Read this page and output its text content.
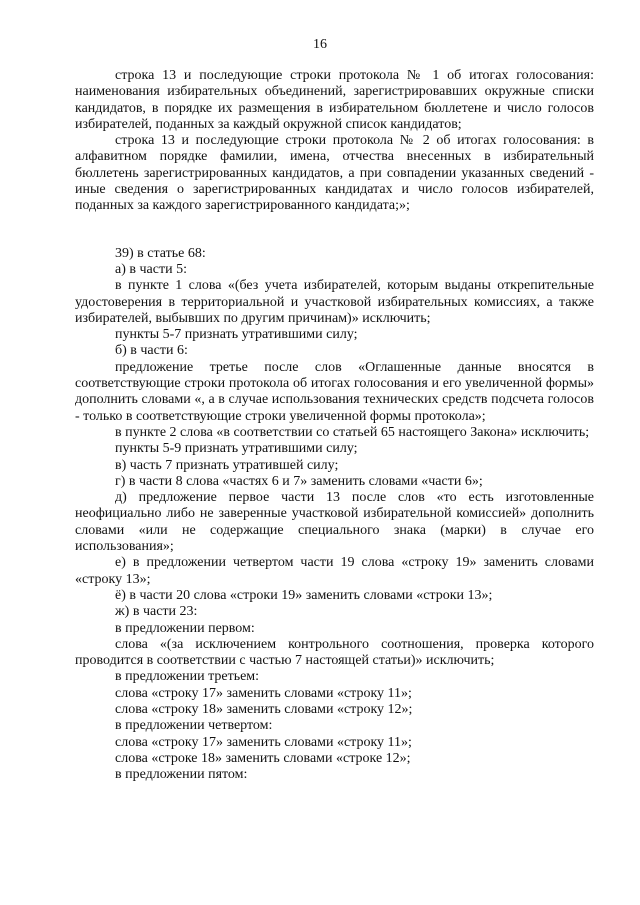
16

строка 13 и последующие строки протокола № 1 об итогах голосования: наименования избирательных объединений, зарегистрировавших окружные списки кандидатов, в порядке их размещения в избирательном бюллетене и число голосов избирателей, поданных за каждый окружной список кандидатов;

строка 13 и последующие строки протокола № 2 об итогах голосования: в алфавитном порядке фамилии, имена, отчества внесенных в избирательный бюллетень зарегистрированных кандидатов, а при совпадении указанных сведений - иные сведения о зарегистрированных кандидатах и число голосов избирателей, поданных за каждого зарегистрированного кандидата;»;

39) в статье 68:

а) в части 5:

в пункте 1 слова «(без учета избирателей, которым выданы открепительные удостоверения в территориальной и участковой избирательных комиссиях, а также избирателей, выбывших по другим причинам)» исключить;

пункты 5-7 признать утратившими силу;

б) в части 6:

предложение третье после слов «Оглашенные данные вносятся в соответствующие строки протокола об итогах голосования и его увеличенной формы» дополнить словами «, а в случае использования технических средств подсчета голосов - только в соответствующие строки увеличенной формы протокола»;

в пункте 2 слова «в соответствии со статьей 65 настоящего Закона» исключить;

пункты 5-9 признать утратившими силу;

в) часть 7 признать утратившей силу;

г) в части 8 слова «частях 6 и 7» заменить словами «части 6»;

д) предложение первое части 13 после слов «то есть изготовленные неофициально либо не заверенные участковой избирательной комиссией» дополнить словами «или не содержащие специального знака (марки) в случае его использования»;

е) в предложении четвертом части 19 слова «строку 19» заменить словами «строку 13»;

ё) в части 20 слова «строки 19» заменить словами «строки 13»;

ж) в части 23:

в предложении первом:

слова «(за исключением контрольного соотношения, проверка которого проводится в соответствии с частью 7 настоящей статьи)» исключить;

в предложении третьем:

слова «строку 17» заменить словами «строку 11»;

слова «строку 18» заменить словами «строку 12»;

в предложении четвертом:

слова «строку 17» заменить словами «строку 11»;

слова «строке 18» заменить словами «строке 12»;

в предложении пятом:
